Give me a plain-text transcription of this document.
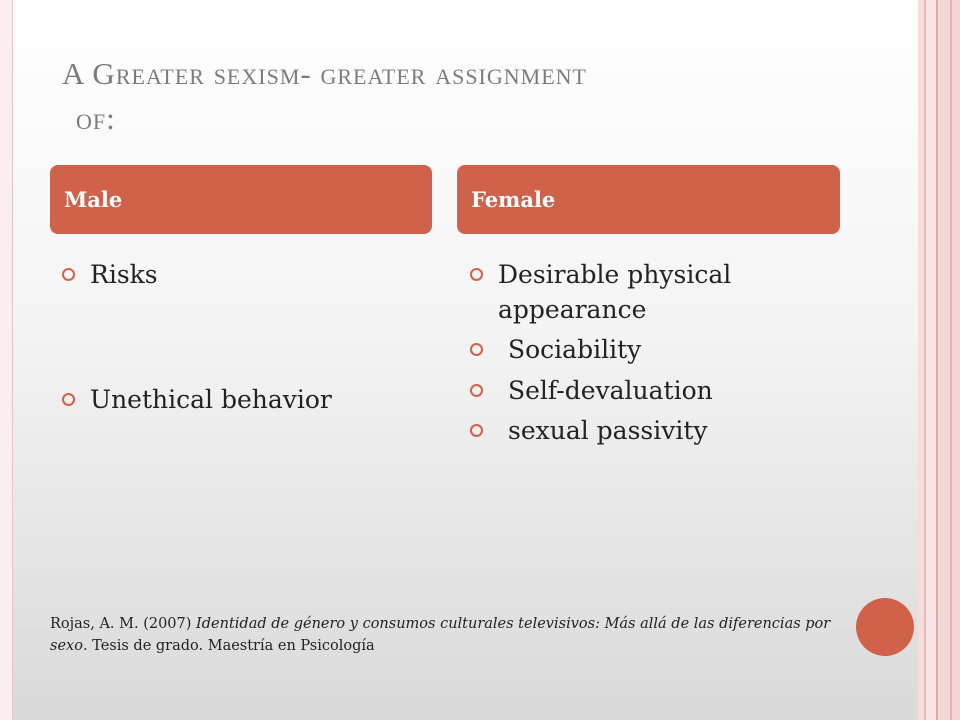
A Greater sexism- greater assignment
of:
Male	Female
Risks
Unethical behavior
Desirable physical appearance
Sociability
Self-devaluation
sexual passivity
Rojas, A. M. (2007) Identidad de género y consumos culturales televisivos: Más allá de las diferencias por sexo. Tesis de grado. Maestría en Psicología
